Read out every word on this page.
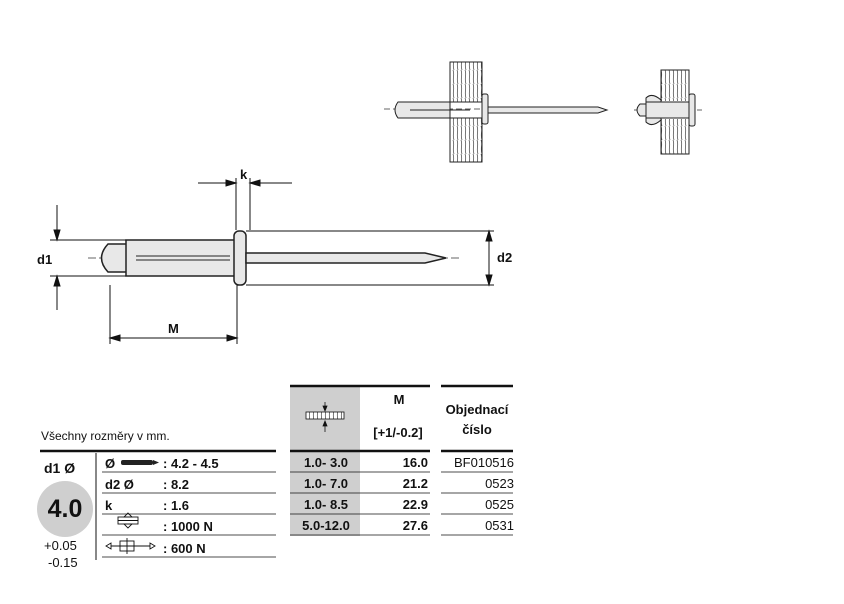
k
d1	d2
M
Všechny rozměry v mm.
M
[+1/-0.2]
Objednací
číslo
1.0- 3.0	16.0	BF010516
1.0- 7.0	21.2	0523
1.0- 8.5	22.9	0525
5.0-12.0	27.6	0531
d1 Ø
4.0
+0.05
-0.15
Ø	: 4.2 - 4.5
d2 Ø	: 8.2
k	: 1.6
: 1000 N
: 600 N
